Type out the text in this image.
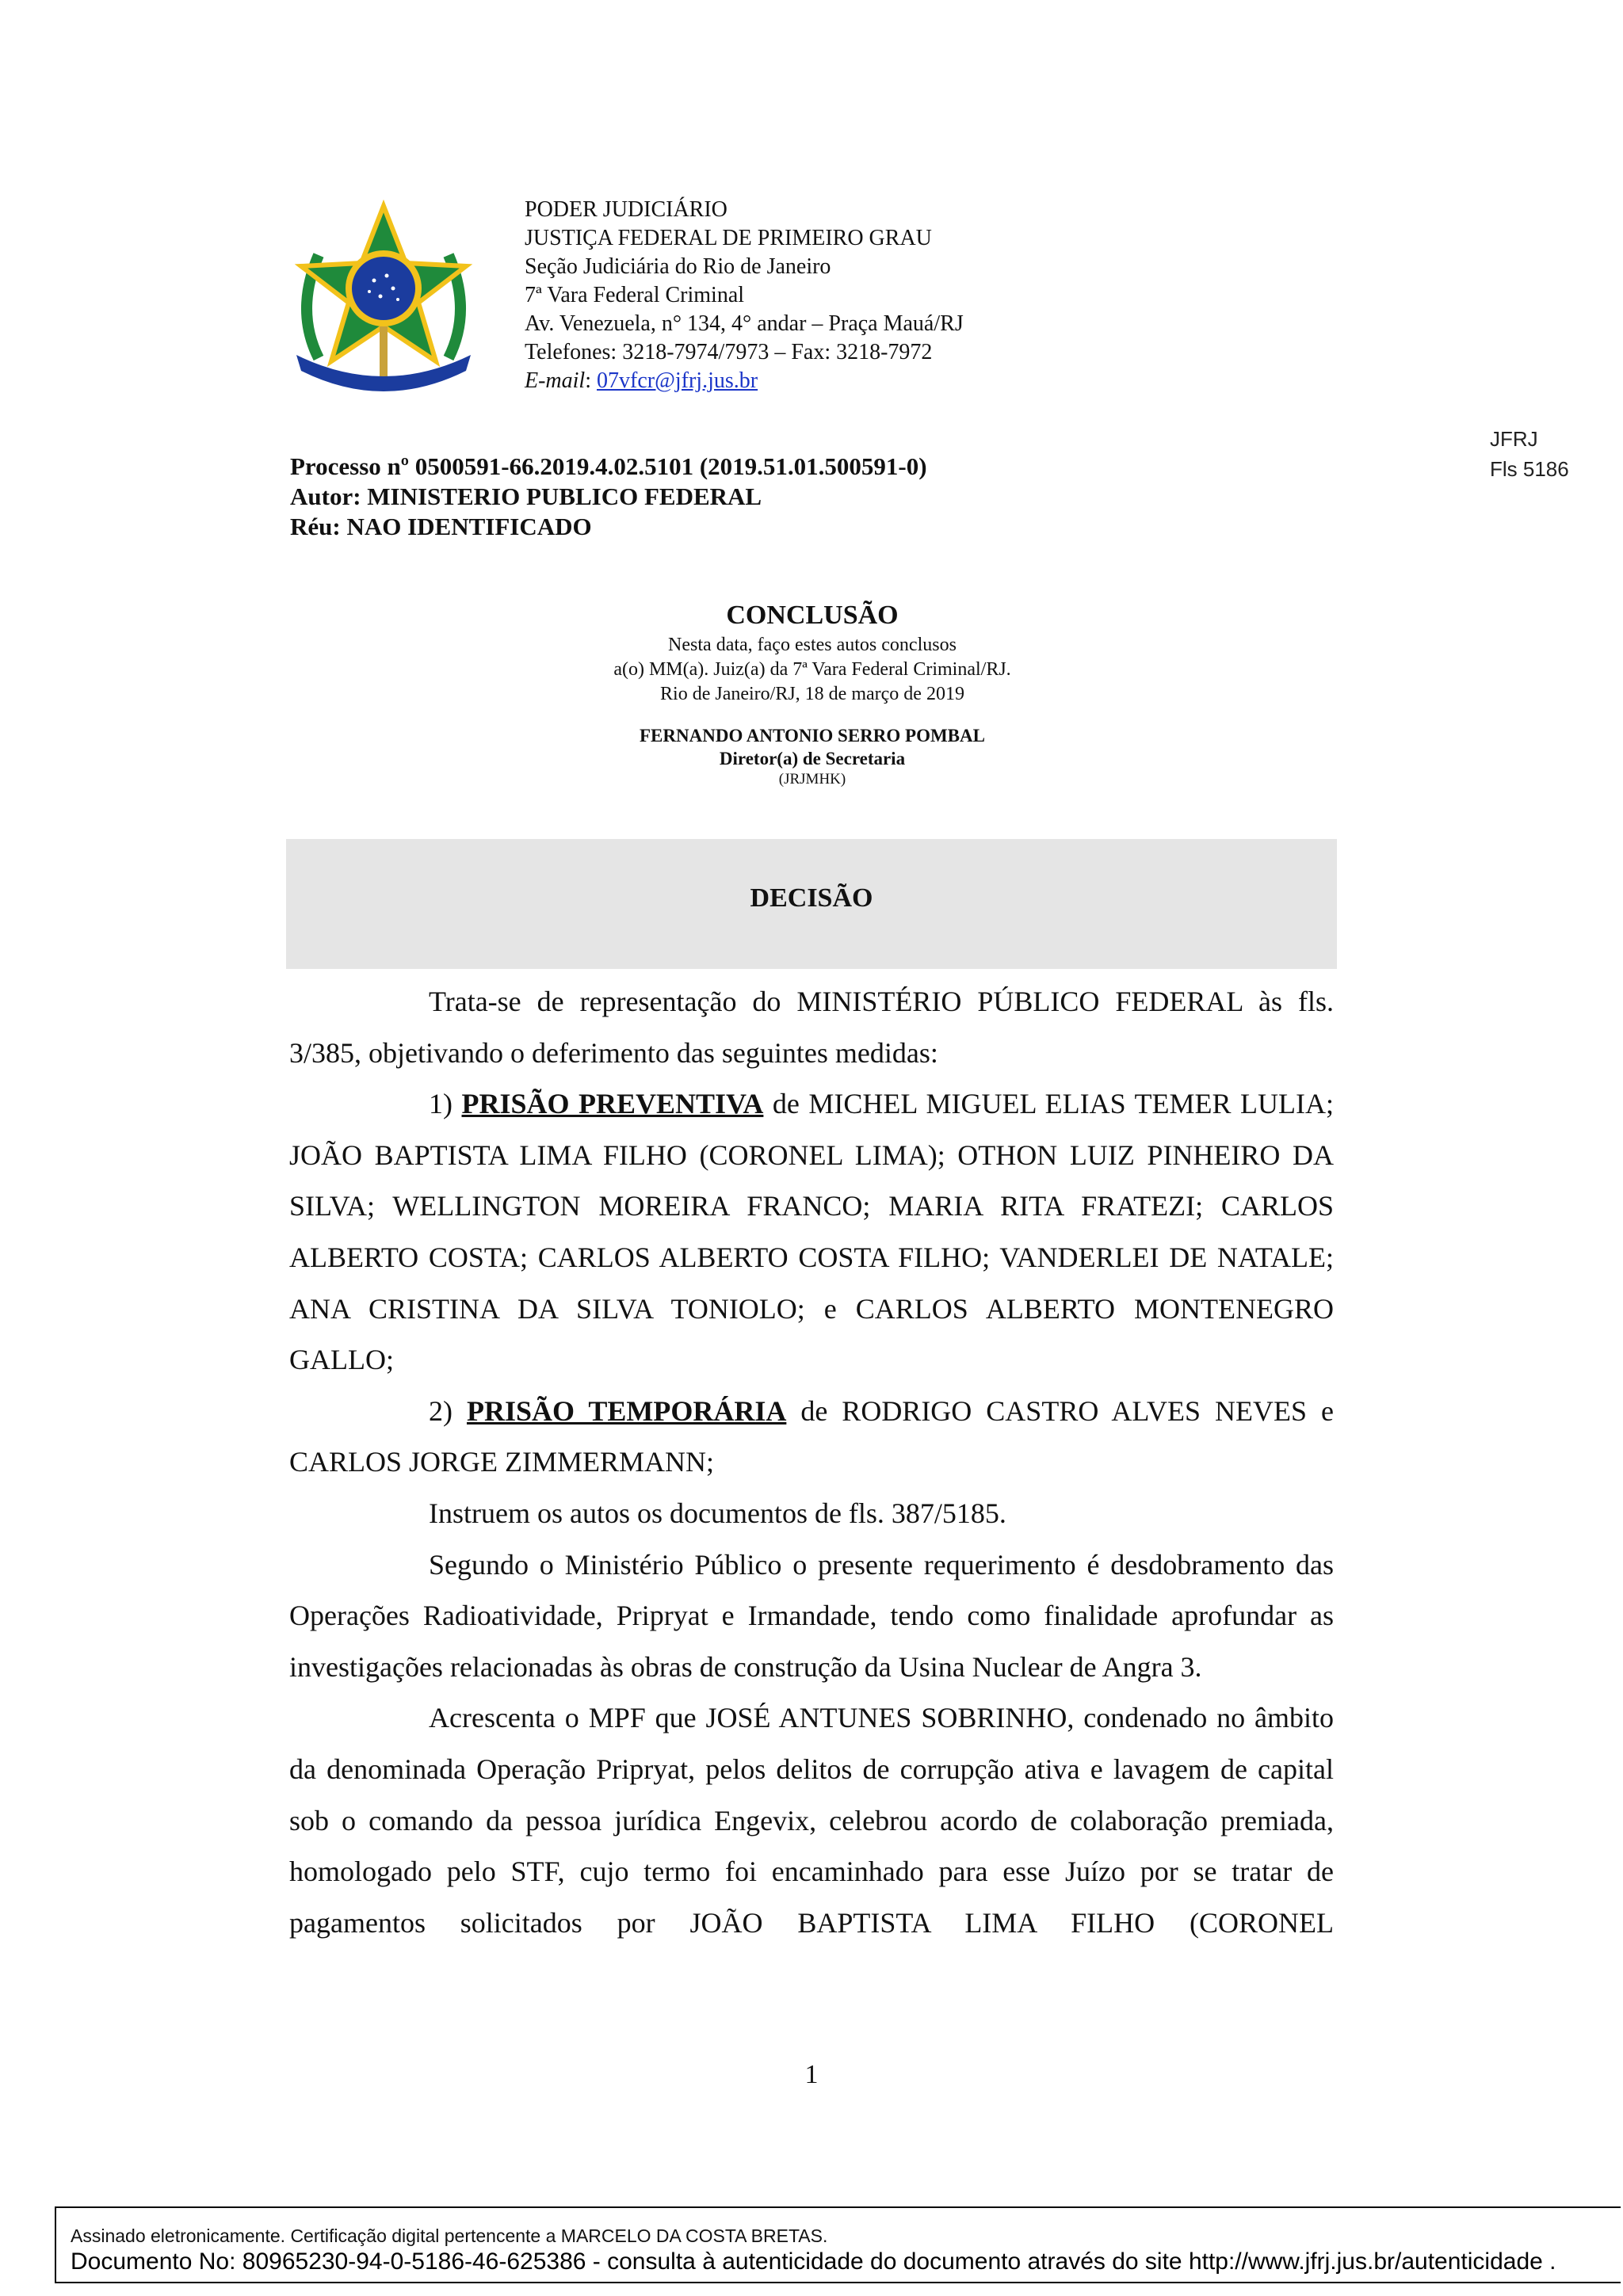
PODER JUDICIÁRIO
JUSTIÇA FEDERAL DE PRIMEIRO GRAU
Seção Judiciária do Rio de Janeiro
7ª Vara Federal Criminal
Av. Venezuela, n° 134, 4° andar – Praça Mauá/RJ
Telefones: 3218-7974/7973 – Fax: 3218-7972
E-mail: 07vfcr@jfrj.jus.br
JFRJ
Fls 5186
Processo nº 0500591-66.2019.4.02.5101 (2019.51.01.500591-0)
Autor: MINISTERIO PUBLICO FEDERAL
Réu: NAO IDENTIFICADO
CONCLUSÃO
Nesta data, faço estes autos conclusos
a(o) MM(a). Juiz(a) da 7ª Vara Federal Criminal/RJ.
Rio de Janeiro/RJ, 18 de março de 2019
FERNANDO ANTONIO SERRO POMBAL
Diretor(a) de Secretaria
(JRJMHK)
DECISÃO

Trata-se de representação do MINISTÉRIO PÚBLICO FEDERAL às fls. 3/385, objetivando o deferimento das seguintes medidas:

1) PRISÃO PREVENTIVA de MICHEL MIGUEL ELIAS TEMER LULIA; JOÃO BAPTISTA LIMA FILHO (CORONEL LIMA); OTHON LUIZ PINHEIRO DA SILVA; WELLINGTON MOREIRA FRANCO; MARIA RITA FRATEZI; CARLOS ALBERTO COSTA; CARLOS ALBERTO COSTA FILHO; VANDERLEI DE NATALE; ANA CRISTINA DA SILVA TONIOLO; e CARLOS ALBERTO MONTENEGRO GALLO;

2) PRISÃO TEMPORÁRIA de RODRIGO CASTRO ALVES NEVES e CARLOS JORGE ZIMMERMANN;

Instruem os autos os documentos de fls. 387/5185.

Segundo o Ministério Público o presente requerimento é desdobramento das Operações Radioatividade, Pripryat e Irmandade, tendo como finalidade aprofundar as investigações relacionadas às obras de construção da Usina Nuclear de Angra 3.

Acrescenta o MPF que JOSÉ ANTUNES SOBRINHO, condenado no âmbito da denominada Operação Pripryat, pelos delitos de corrupção ativa e lavagem de capital sob o comando da pessoa jurídica Engevix, celebrou acordo de colaboração premiada, homologado pelo STF, cujo termo foi encaminhado para esse Juízo por se tratar de pagamentos solicitados por JOÃO BAPTISTA LIMA FILHO (CORONEL

1
Assinado eletronicamente. Certificação digital pertencente a MARCELO DA COSTA BRETAS.
Documento No: 80965230-94-0-5186-46-625386 - consulta à autenticidade do documento através do site http://www.jfrj.jus.br/autenticidade .
